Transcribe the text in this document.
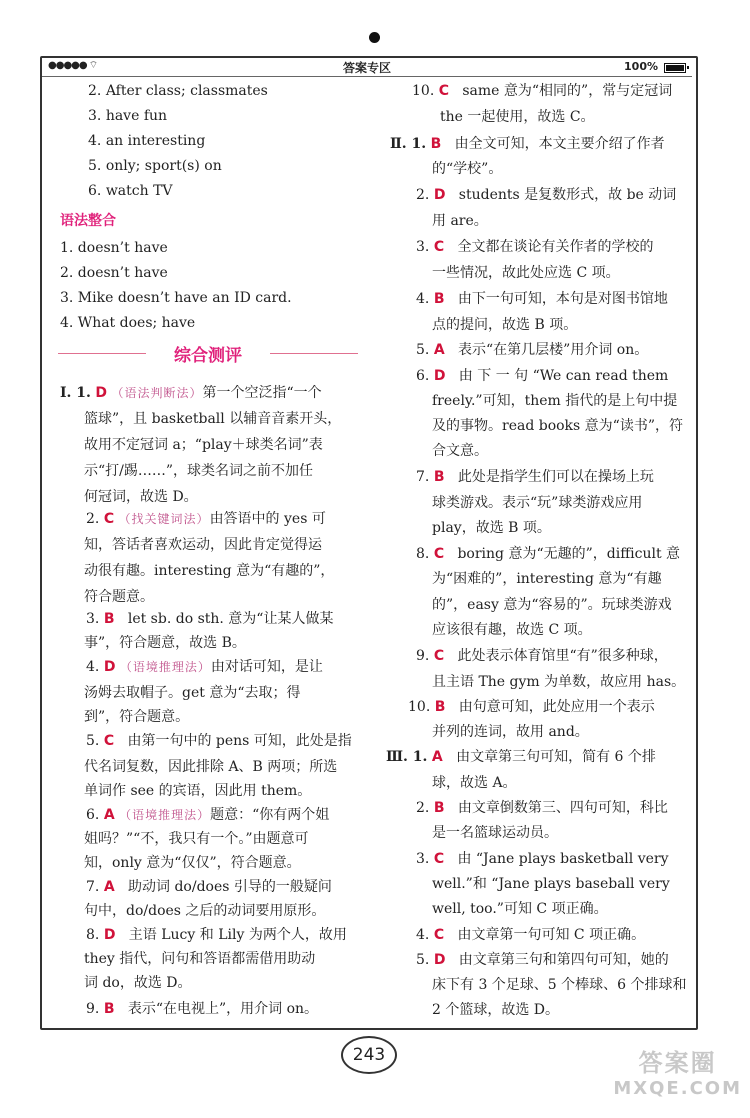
●●●●● ⌔	答案专区	100%
2. After class; classmates
3. have fun
4. an interesting
5. only; sport(s) on
6. watch TV
语法整合
1. doesn’t have
2. doesn’t have
3. Mike doesn’t have an ID card.
4. What does; have
综合测评
Ⅰ. 1. D （语法判断法）第一个空泛指“一个
篮球”，且 basketball 以辅音音素开头，
故用不定冠词 a；“play＋球类名词”表
示“打/踢……”，球类名词之前不加任
何冠词，故选 D。
2. C （找关键词法）由答语中的 yes 可
知，答话者喜欢运动，因此肯定觉得运
动很有趣。interesting 意为“有趣的”，
符合题意。
3. B let sb. do sth. 意为“让某人做某
事”，符合题意，故选 B。
4. D （语境推理法）由对话可知，是让
汤姆去取帽子。get 意为“去取；得
到”，符合题意。
5. C 由第一句中的 pens 可知，此处是指
代名词复数，因此排除 A、B 两项；所选
单词作 see 的宾语，因此用 them。
6. A （语境推理法）题意：“你有两个姐
姐吗？”“不，我只有一个。”由题意可
知，only 意为“仅仅”，符合题意。
7. A 助动词 do/does 引导的一般疑问
句中，do/does 之后的动词要用原形。
8. D 主语 Lucy 和 Lily 为两个人，故用
they 指代，问句和答语都需借用助动
词 do，故选 D。
9. B 表示“在电视上”，用介词 on。
10. C same 意为“相同的”，常与定冠词
the 一起使用，故选 C。
Ⅱ. 1. B 由全文可知，本文主要介绍了作者
的“学校”。
2. D students 是复数形式，故 be 动词
用 are。
3. C 全文都在谈论有关作者的学校的
一些情况，故此处应选 C 项。
4. B 由下一句可知，本句是对图书馆地
点的提问，故选 B 项。
5. A 表示“在第几层楼”用介词 on。
6. D 由 下 一 句 “We can read them
freely.”可知，them 指代的是上句中提
及的事物。read books 意为“读书”，符
合文意。
7. B 此处是指学生们可以在操场上玩
球类游戏。表示“玩”球类游戏应用
play，故选 B 项。
8. C boring 意为“无趣的”，difficult 意
为“困难的”，interesting 意为“有趣
的”，easy 意为“容易的”。玩球类游戏
应该很有趣，故选 C 项。
9. C 此处表示体育馆里“有”很多种球，
且主语 The gym 为单数，故应用 has。
10. B 由句意可知，此处应用一个表示
并列的连词，故用 and。
Ⅲ. 1. A 由文章第三句可知，简有 6 个排
球，故选 A。
2. B 由文章倒数第三、四句可知，科比
是一名篮球运动员。
3. C 由 “Jane plays basketball very
well.”和 “Jane plays baseball very
well, too.”可知 C 项正确。
4. C 由文章第一句可知 C 项正确。
5. D 由文章第三句和第四句可知，她的
床下有 3 个足球、5 个棒球、6 个排球和
2 个篮球，故选 D。
243	答案圈
MXQE.COM
